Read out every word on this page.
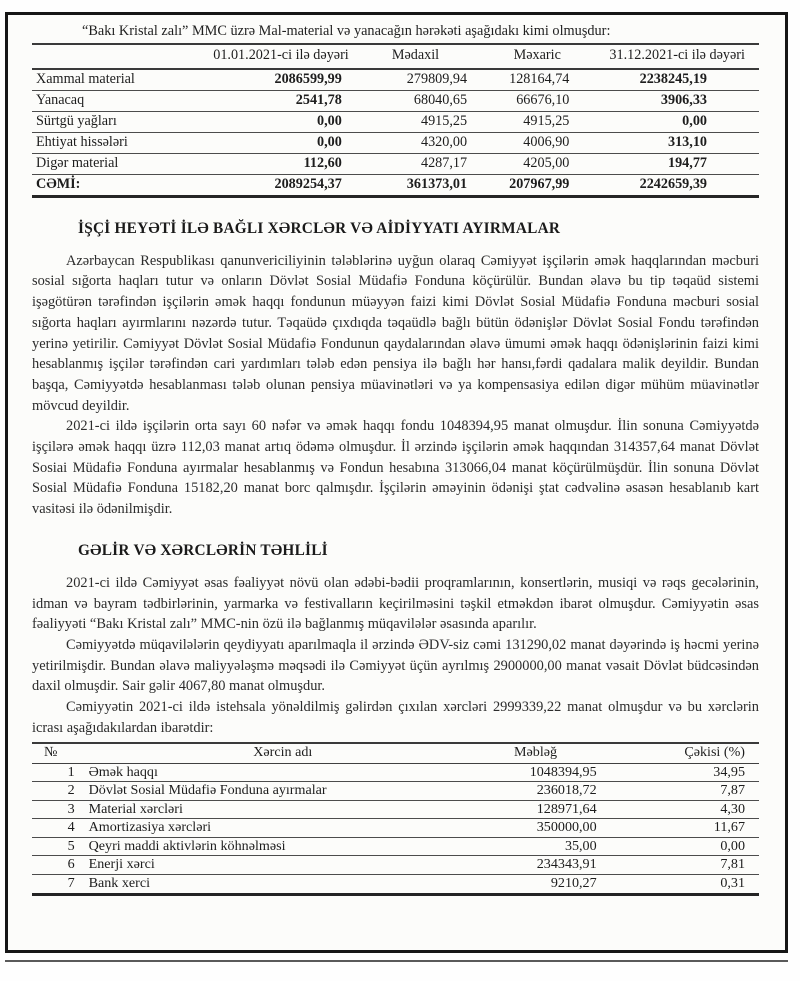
“Bakı Kristal zalı” MMC üzrə Mal-material və yanacağın hərəkəti aşağıdakı kimi olmuşdur:
	01.01.2021-ci ilə dəyəri	Mədaxil	Məxaric	31.12.2021-ci ilə dəyəri
Xammal material	2086599,99	279809,94	128164,74	2238245,19
Yanacaq	2541,78	68040,65	66676,10	3906,33
Sürtgü yağları	0,00	4915,25	4915,25	0,00
Ehtiyat hissələri	0,00	4320,00	4006,90	313,10
Digər material	112,60	4287,17	4205,00	194,77
CƏMİ:	2089254,37	361373,01	207967,99	2242659,39
İŞÇİ HEYƏTİ İLƏ BAĞLI XƏRCLƏR VƏ AİDİYYATI AYIRMALAR

Azərbaycan Respublikası qanunvericiliyinin tələblərinə uyğun olaraq Cəmiyyət işçilərin əmək haqqlarından məcburi sosial sığorta haqları tutur və onların Dövlət Sosial Müdafiə Fonduna köçürülür. Bundan əlavə bu tip təqaüd sistemi işəgötürən tərəfindən işçilərin əmək haqqı fondunun müəyyən faizi kimi Dövlət Sosial Müdafiə Fonduna məcburi sosial sığorta haqları ayırmlarını nəzərdə tutur. Təqaüdə çıxdıqda təqaüdlə bağlı bütün ödənişlər Dövlət Sosial Fondu tərəfindən yerinə yetirilir. Cəmiyyət Dövlət Sosial Müdafiə Fondunun qaydalarından əlavə ümumi əmək haqqı ödənişlərinin faizi kimi hesablanmış işçilər tərəfindən cari yardımları tələb edən pensiya ilə bağlı hər hansı,fərdi qadalara malik deyildir. Bundan başqa, Cəmiyyətdə hesablanması tələb olunan pensiya müavinətləri və ya kompensasiya edilən digər mühüm müavinətlər mövcud deyildir.

2021-ci ildə işçilərin orta sayı 60 nəfər və əmək haqqı fondu 1048394,95 manat olmuşdur. İlin sonuna Cəmiyyətdə işçilərə əmək haqqı üzrə 112,03 manat artıq ödəmə olmuşdur. İl ərzində işçilərin əmək haqqından 314357,64 manat Dövlət Sosiai Müdafiə Fonduna ayırmalar hesablanmış və Fondun hesabına 313066,04 manat köçürülmüşdür. İlin sonuna Dövlət Sosial Müdafiə Fonduna 15182,20 manat borc qalmışdır. İşçilərin əməyinin ödənişi ştat cədvəlinə əsasən hesablanıb kart vasitəsi ilə ödənilmişdir.

GƏLİR VƏ XƏRCLƏRİN TƏHLİLİ

2021-ci ildə Cəmiyyət əsas fəaliyyət növü olan ədəbi-bədii proqramlarının, konsertlərin, musiqi və rəqs gecələrinin, idman və bayram tədbirlərinin, yarmarka və festivalların keçirilməsini təşkil etməkdən ibarət olmuşdur. Cəmiyyətin əsas fəaliyyəti “Bakı Kristal zalı” MMC-nin özü ilə bağlanmış müqavilələr əsasında aparılır.

Cəmiyyətdə müqavilələrin qeydiyyatı aparılmaqla il ərzində ƏDV-siz cəmi 131290,02 manat dəyərində iş həcmi yerinə yetirilmişdir. Bundan əlavə maliyyələşmə məqsədi ilə Cəmiyyət üçün ayrılmış 2900000,00 manat vəsait Dövlət büdcəsindən daxil olmuşdir. Sair gəlir 4067,80 manat olmuşdur.

Cəmiyyətin 2021-ci ildə istehsala yönəldilmiş gəlirdən çıxılan xərcləri 2999339,22 manat olmuşdur və bu xərclərin icrası aşağıdakılardan ibarətdir:

№	Xərcin adı	Məbləğ	Çəkisi (%)
1	Əmək haqqı	1048394,95	34,95
2	Dövlət Sosial Müdafiə Fonduna ayırmalar	236018,72	7,87
3	Material xərcləri	128971,64	4,30
4	Amortizasiya xərcləri	350000,00	11,67
5	Qeyri maddi aktivlərin köhnəlməsi	35,00	0,00
6	Enerji xərci	234343,91	7,81
7	Bank xerci	9210,27	0,31
